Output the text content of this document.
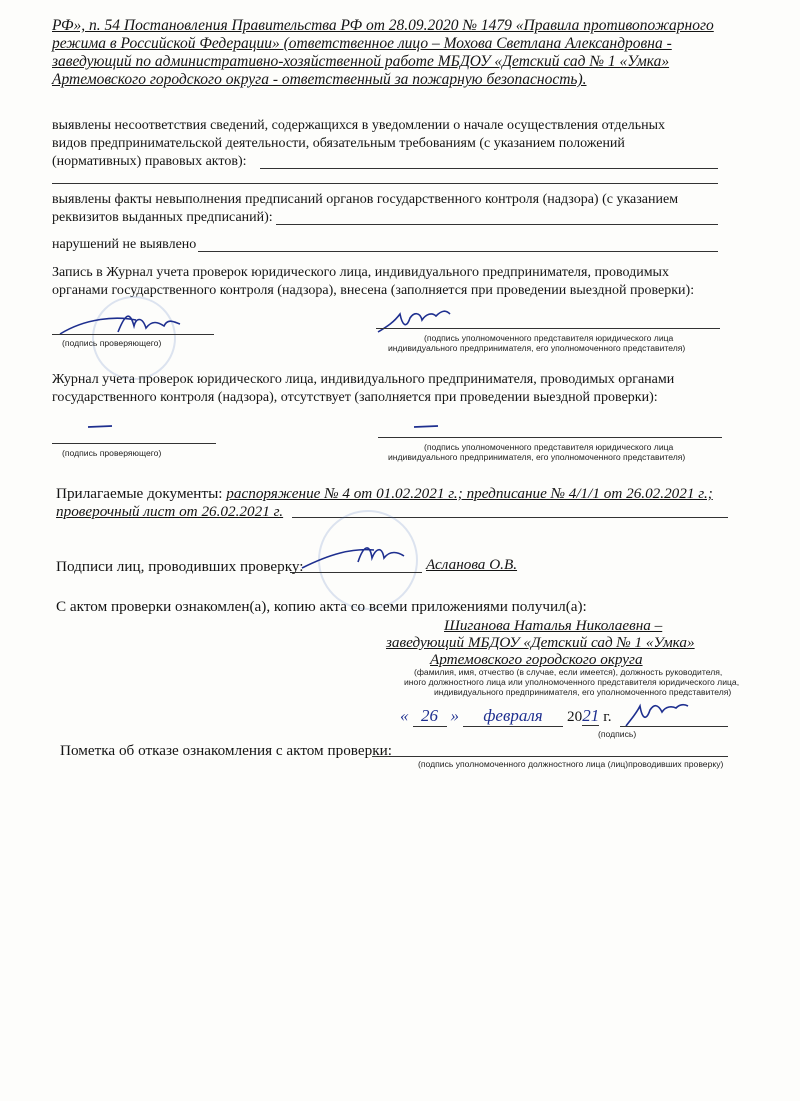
РФ», п. 54 Постановления Правительства РФ от 28.09.2020 № 1479 «Правила противопожарного
режима в Российской Федерации» (ответственное лицо – Мохова Светлана Александровна -
заведующий по административно-хозяйственной работе МБДОУ «Детский сад № 1 «Умка»
Артемовского городского округа - ответственный за пожарную безопасность).
выявлены несоответствия сведений, содержащихся в уведомлении о начале осуществления отдельных
видов предпринимательской деятельности, обязательным требованиям (с указанием положений
(нормативных) правовых актов):
выявлены факты невыполнения предписаний органов государственного контроля (надзора) (с указанием
реквизитов выданных предписаний):
нарушений не выявлено
Запись в Журнал учета проверок юридического лица, индивидуального предпринимателя, проводимых
органами государственного контроля (надзора), внесена (заполняется при проведении выездной проверки):
(подпись проверяющего)	(подпись уполномоченного представителя юридического лица
индивидуального предпринимателя, его уполномоченного представителя)
Журнал учета проверок юридического лица, индивидуального предпринимателя, проводимых органами
государственного контроля (надзора), отсутствует (заполняется при проведении выездной проверки):
(подпись проверяющего)
(подпись уполномоченного представителя юридического лица
индивидуального предпринимателя, его уполномоченного представителя)
Прилагаемые документы: распоряжение № 4 от 01.02.2021 г.; предписание № 4/1/1 от 26.02.2021 г.;
проверочный лист от 26.02.2021 г.
Подписи лиц, проводивших проверку:	Асланова О.В.
С актом проверки ознакомлен(а), копию акта со всеми приложениями получил(а):
Шиганова Наталья Николаевна –
заведующий МБДОУ «Детский сад № 1 «Умка»
Артемовского городского округа
(фамилия, имя, отчество (в случае, если имеется), должность руководителя,
иного должностного лица или уполномоченного представителя юридического лица,
индивидуального предпринимателя, его уполномоченного представителя)
« 26 » февраля 2021 г.
(подпись)
Пометка об отказе ознакомления с актом проверки:
(подпись уполномоченного должностного лица (лиц)проводивших проверку)
